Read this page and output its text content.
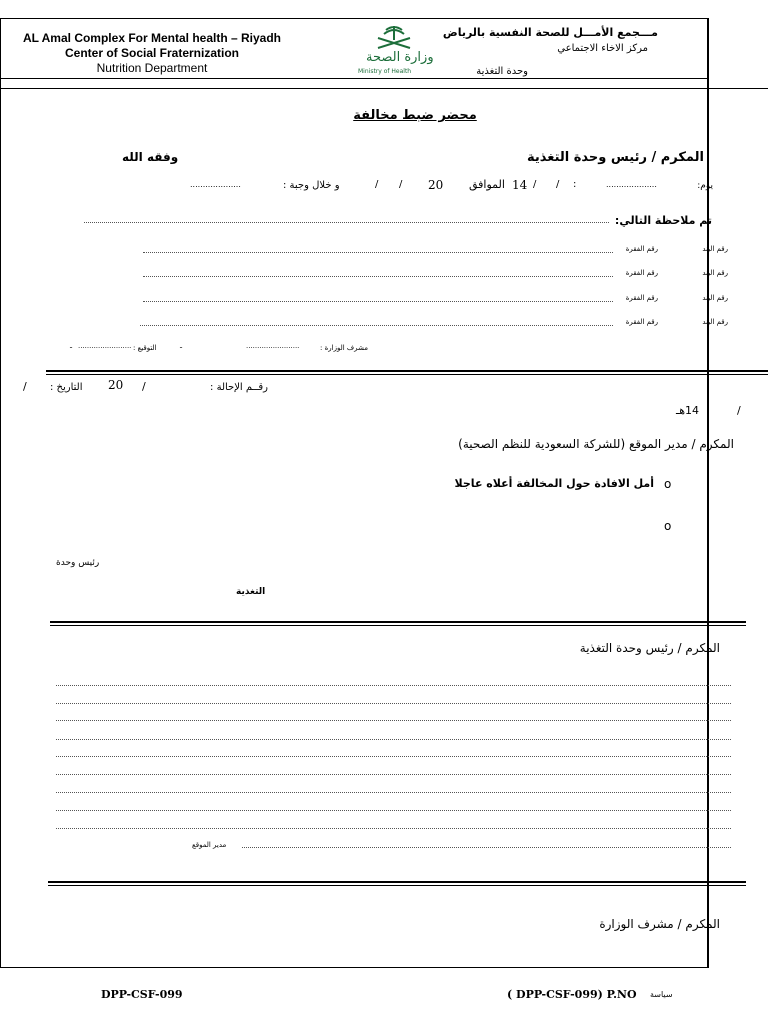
AL Amal Complex For Mental health – Riyadh
Center of Social Fraternization
Nutrition Department
وزارة الصحة
Ministry of Health
مـــجمع الأمـــل للصحة النفسية بالرياض
مركز الاخاء الاجتماعي
وحدة التغذية
محضر ضبط مخالفة
المكرم / رئيس وحدة التغذية
وفقه الله
يوم:
....................
:
/
/
14
الموافق
20
/
/
و خلال وجبة :
....................
تم ملاحظة التالي:
رقم البند
رقم الفقرة
رقم البند
رقم الفقرة
رقم البند
رقم الفقرة
رقم البند
رقم الفقرة
مشرف الوزارة :
........................
ـ
التوقيع :
........................
ـ
رقــم الإحالة :
/
20
التاريخ :
/
/
14هـ
المكرم / مدير الموقع (للشركة السعودية للنظم الصحية)
o
أمل الافادة حول المخالفة أعلاه عاجلا
o
رئيس وحدة
التغذية
المكرم / رئيس وحدة التغذية
مدير الموقع
المكرم / مشرف الوزارة
DPP-CSF-099	( DPP-CSF-099) P.NO سياسة
